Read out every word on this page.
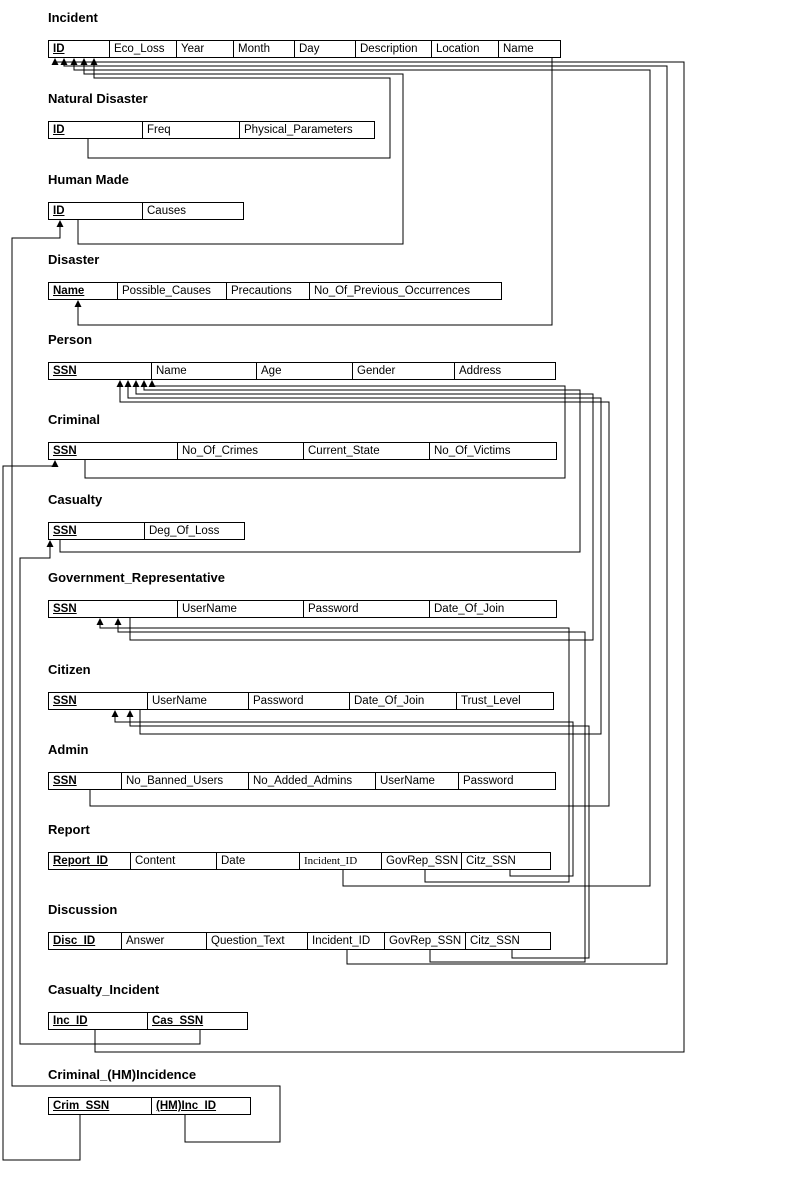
Incident
ID	Eco_Loss	Year	Month	Day	Description	Location	Name
Natural Disaster
ID	Freq	Physical_Parameters
Human Made
ID	Causes
Disaster
Name	Possible_Causes	Precautions	No_Of_Previous_Occurrences
Person
SSN	Name	Age	Gender	Address
Criminal
SSN	No_Of_Crimes	Current_State	No_Of_Victims
Casualty
SSN	Deg_Of_Loss
Government_Representative
SSN	UserName	Password	Date_Of_Join
Citizen
SSN	UserName	Password	Date_Of_Join	Trust_Level
Admin
SSN	No_Banned_Users	No_Added_Admins	UserName	Password
Report
Report_ID	Content	Date	Incident_ID	GovRep_SSN Citz_SSN
Discussion
Disc_ID	Answer	Question_Text	Incident_ID	GovRep_SSN Citz_SSN
Casualty_Incident
Inc_ID	Cas_SSN
Criminal_(HM)Incidence
Crim_SSN	(HM)Inc_ID
